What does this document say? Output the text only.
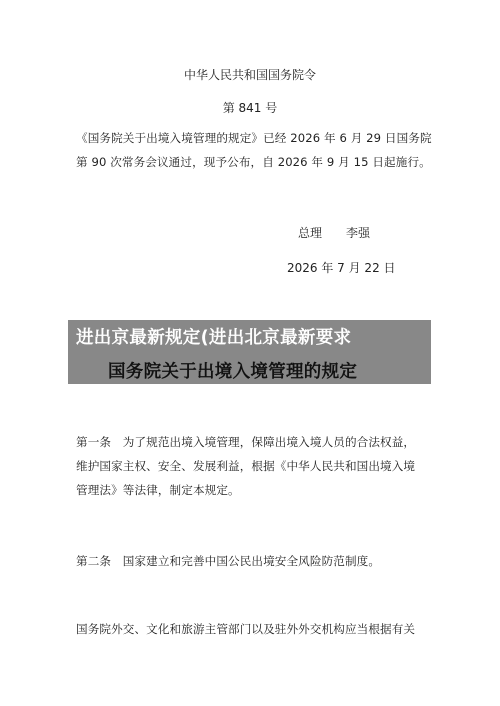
中华人民共和国国务院令
第 841 号

《国务院关于出境入境管理的规定》已经 2026 年 6 月 29 日国务院

第 90 次常务会议通过，现予公布，自 2026 年 9 月 15 日起施行。

总理 李强
2026 年 7 月 22 日

第一条　为了规范出境入境管理，保障出境入境人员的合法权益，

维护国家主权、安全、发展利益，根据《中华人民共和国出境入境

管理法》等法律，制定本规定。

第二条　国家建立和完善中国公民出境安全风险防范制度。

国务院外交、文化和旅游主管部门以及驻外外交机构应当根据有关

进出京最新规定(进出北京最新要求
国务院关于出境入境管理的规定
